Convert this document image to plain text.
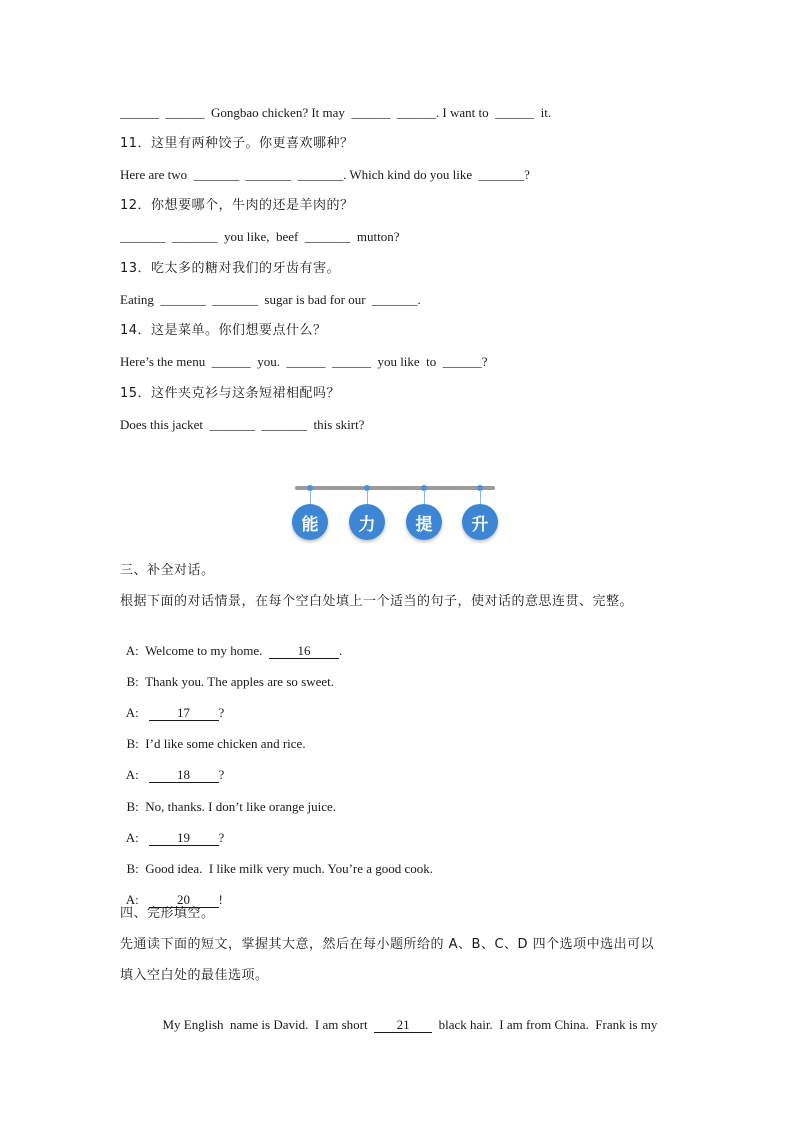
______  ______  Gongbao chicken? It may  ______  ______. I want to  ______  it.
11．这里有两种饺子。你更喜欢哪种？
Here are two  _______  _______  _______. Which kind do you like  _______?
12．你想要哪个，牛肉的还是羊肉的？
_______  _______  you like,  beef  _______  mutton?
13．吃太多的糖对我们的牙齿有害。
Eating  _______  _______  sugar is bad for our  _______.
14．这是菜单。你们想要点什么？
Here’s the menu  ______  you.  ______  ______  you like  to  ______?
15．这件夹克衫与这条短裙相配吗？
Does this jacket  _______  _______  this skirt?
能	力	提	升
三、补全对话。
根据下面的对话情景，在每个空白处填上一个适当的句子，使对话的意思连贯、完整。

A: Welcome to my home.	16 .

B: Thank you. The apples are so sweet.

A:	17 ?

B: I’d like some chicken and rice.

A:	18 ?

B: No, thanks. I don’t like orange juice.

A:	19 ?

B: Good idea.  I like milk very much. You’re a good cook.

A:	20 !

四、完形填空。
先通读下面的短文，掌握其大意，然后在每小题所给的 A、B、C、D 四个选项中选出可以
填入空白处的最佳选项。

My English  name is David.  I am short 21 black hair.  I am from China.  Frank is my
